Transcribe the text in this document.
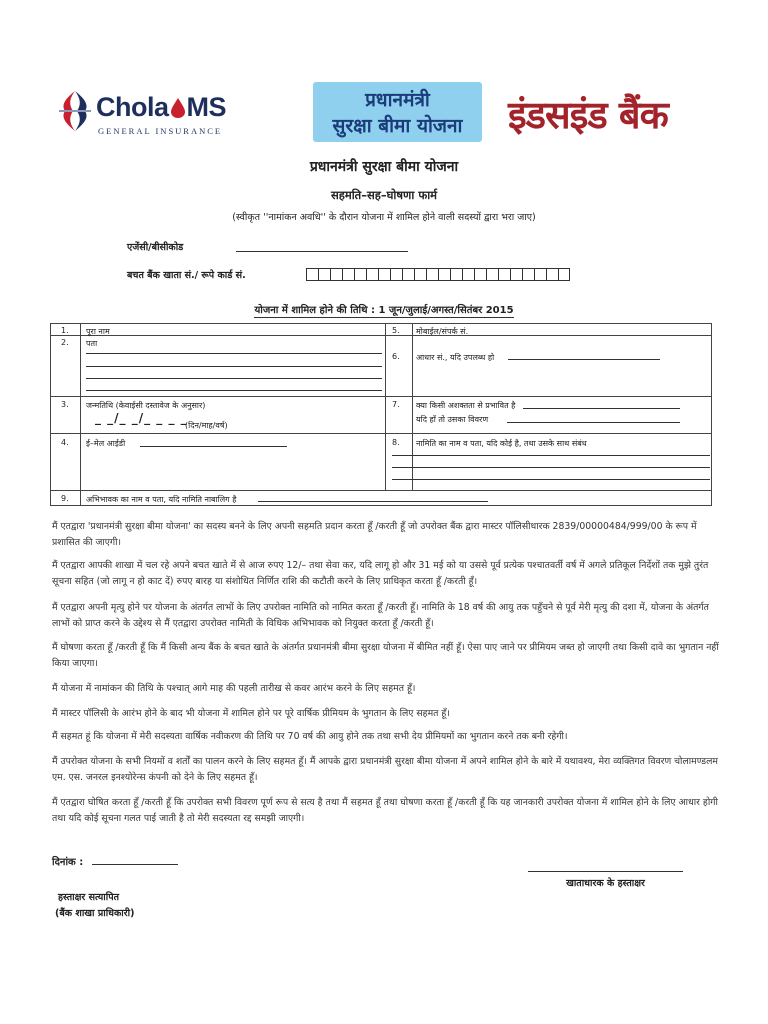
Chola MS
GENERAL INSURANCE
प्रधानमंत्री
सुरक्षा बीमा योजना	इंडसइंड बैंक
प्रधानमंत्री सुरक्षा बीमा योजना
सहमति–सह–घोषणा फार्म
(स्वीकृत ''नामांकन अवधि'' के दौरान योजना में शामिल होने वाली सदस्यों द्वारा भरा जाए)
एजेंसी/बीसीकोड
बचत बैंक खाता सं./ रूपे कार्ड सं.
योजना में शामिल होने की तिथि : 1 जून/जुलाई/अगस्त/सितंबर 2015
1. पूरा नाम
2. पता
3. जन्मतिथि (केवाईसी दस्तावेज के अनुसार)
_ _/_ _/_ _ _ _
(दिन/माह/वर्ष)
4. ई–मेल आईडी
5. मोबाईल/संपर्क सं.
6. आधार सं., यदि उपलब्ध हो
7. क्या किसी अशक्तता से प्रभावित है
यदि हाँ तो उसका विवरण
8. नामिति का नाम व पता, यदि कोई है, तथा उसके साथ संबंध
9. अभिभावक का नाम व पता, यदि नामिति नाबालिग है
मैं एतद्वारा 'प्रधानमंत्री सुरक्षा बीमा योजना' का सदस्य बनने के लिए अपनी सहमति प्रदान करता हूँ /करती हूँ जो उपरोक्त बैंक द्वारा मास्टर पॉलिसीधारक 2839/00000484/999/00 के रूप में प्रशासित की जाएगी।
मैं एतद्वारा आपकी शाखा में चल रहे अपने बचत खाते में से आज रुपए 12/– तथा सेवा कर, यदि लागू हो और 31 मई को या उससे पूर्व प्रत्येक पश्चातवर्ती वर्ष में अगले प्रतिकूल निर्देशों तक मुझे तुरंत सूचना सहित (जो लागू न हो काट दें) रुपए बारह या संशोधित निर्णित राशि की कटौती करने के लिए प्राधिकृत करता हूँ /करती हूँ।
मैं एतद्वारा अपनी मृत्यु होने पर योजना के अंतर्गत लाभों के लिए उपरोक्त नामिति को नामित करता हूँ /करती हूँ। नामिति के 18 वर्ष की आयु तक पहुँचने से पूर्व मेरी मृत्यु की दशा में, योजना के अंतर्गत लाभों को प्राप्त करने के उद्देश्य से मैं एतद्वारा उपरोक्त नामिती के विधिक अभिभावक को नियुक्त करता हूँ /करती हूँ।
मैं घोषणा करता हूँ /करती हूँ कि मैं किसी अन्य बैंक के बचत खाते के अंतर्गत प्रधानमंत्री बीमा सुरक्षा योजना में बीमित नहीं हूँ। ऐसा पाए जाने पर प्रीमियम जब्त हो जाएगी तथा किसी दावे का भुगतान नहीं किया जाएगा।
मैं योजना में नामांकन की तिथि के पश्चात् आगे माह की पहली तारीख से कवर आरंभ करने के लिए सहमत हूँ।
मैं मास्टर पॉलिसी के आरंभ होने के बाद भी योजना में शामिल होने पर पूरे वार्षिक प्रीमियम के भुगतान के लिए सहमत हूँ।
मैं सहमत हूं कि योजना में मेरी सदस्यता वार्षिक नवीकरण की तिथि पर 70 वर्ष की आयु होने तक तथा सभी देय प्रीमियमों का भुगतान करने तक बनी रहेगी।
मैं उपरोक्त योजना के सभी नियमों व शर्तों का पालन करने के लिए सहमत हूँ। मैं आपके द्वारा प्रधानमंत्री सुरक्षा बीमा योजना में अपने शामिल होने के बारे में यथावश्य, मेरा व्यक्तिगत विवरण चोलामण्डलम एम. एस. जनरल इनश्योरेन्स कंपनी को देने के लिए सहमत हूँ।
मैं एतद्वारा घोषित करता हूँ /करती हूँ कि उपरोक्त सभी विवरण पूर्ण रूप से सत्य है तथा मैं सहमत हूँ तथा घोषणा करता हूँ /करती हूँ कि यह जानकारी उपरोक्त योजना में शामिल होने के लिए आधार होगी तथा यदि कोई सूचना गलत पाई जाती है तो मेरी सदस्यता रद्द समझी जाएगी।
दिनांक :
खाताधारक के हस्ताक्षर
हस्ताक्षर सत्यापित
(बैंक शाखा प्राधिकारी)
